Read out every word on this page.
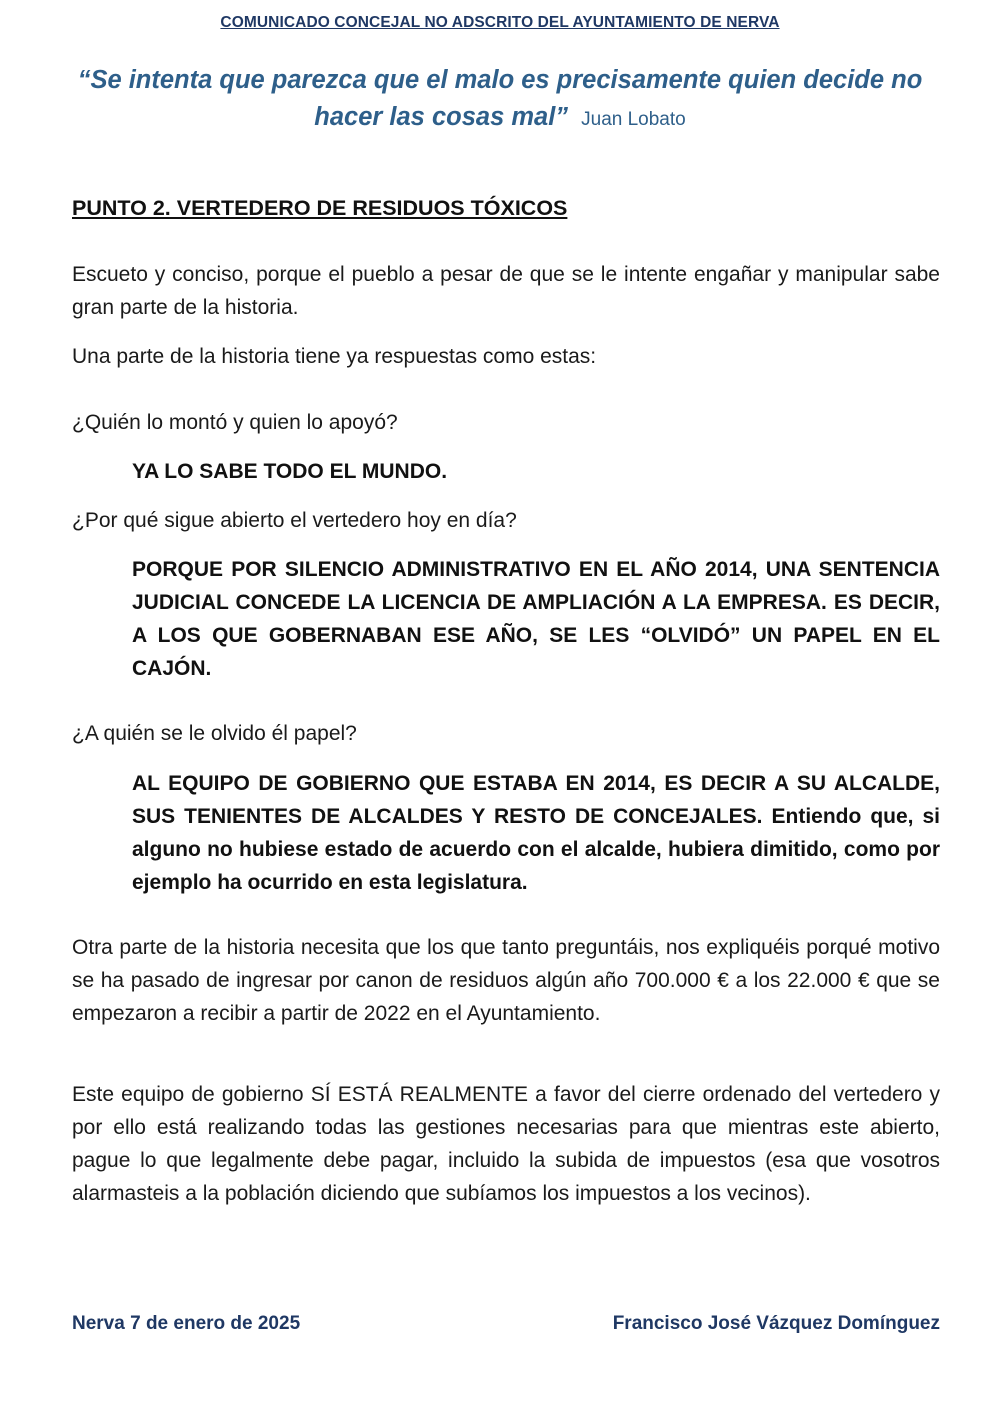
COMUNICADO CONCEJAL NO ADSCRITO DEL AYUNTAMIENTO DE NERVA
“Se intenta que parezca que el malo es precisamente quien decide no hacer las cosas mal” Juan Lobato
PUNTO 2. VERTEDERO DE RESIDUOS TÓXICOS
Escueto y conciso, porque el pueblo a pesar de que se le intente engañar y manipular sabe gran parte de la historia.
Una parte de la historia tiene ya respuestas como estas:
¿Quién lo montó y quien lo apoyó?
YA LO SABE TODO EL MUNDO.
¿Por qué sigue abierto el vertedero hoy en día?
PORQUE POR SILENCIO ADMINISTRATIVO EN EL AÑO 2014, UNA SENTENCIA JUDICIAL CONCEDE LA LICENCIA DE AMPLIACIÓN A LA EMPRESA. ES DECIR, A LOS QUE GOBERNABAN ESE AÑO, SE LES “OLVIDÓ” UN PAPEL EN EL CAJÓN.
¿A quién se le olvido él papel?
AL EQUIPO DE GOBIERNO QUE ESTABA EN 2014, ES DECIR A SU ALCALDE, SUS TENIENTES DE ALCALDES Y RESTO DE CONCEJALES. Entiendo que, si alguno no hubiese estado de acuerdo con el alcalde, hubiera dimitido, como por ejemplo ha ocurrido en esta legislatura.
Otra parte de la historia necesita que los que tanto preguntáis, nos expliquéis porqué motivo se ha pasado de ingresar por canon de residuos algún año 700.000 € a los 22.000 € que se empezaron a recibir a partir de 2022 en el Ayuntamiento.
Este equipo de gobierno SÍ ESTÁ REALMENTE a favor del cierre ordenado del vertedero y por ello está realizando todas las gestiones necesarias para que mientras este abierto, pague lo que legalmente debe pagar, incluido la subida de impuestos (esa que vosotros alarmasteis a la población diciendo que subíamos los impuestos a los vecinos).
Nerva 7 de enero de 2025	Francisco José Vázquez Domínguez
